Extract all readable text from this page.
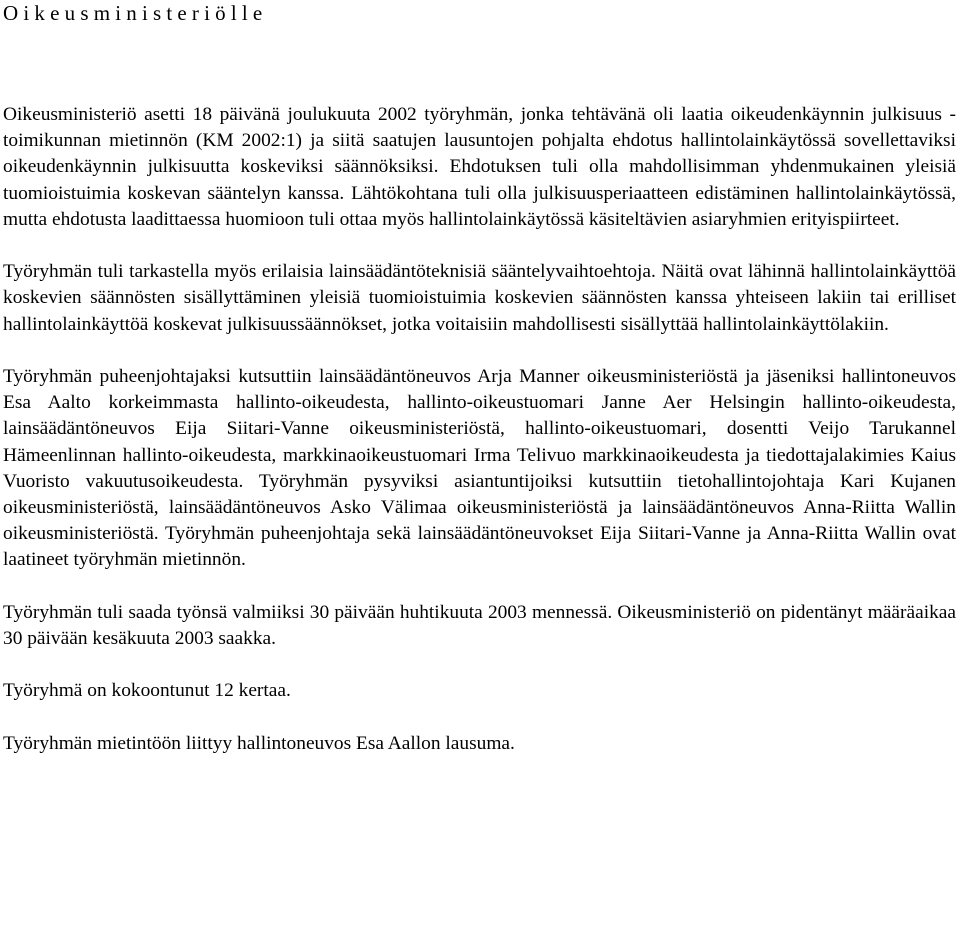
Oikeusministeriölle

Oikeusministeriö asetti 18 päivänä joulukuuta 2002 työryhmän, jonka tehtävänä oli laatia oikeudenkäynnin julkisuus -toimikunnan mietinnön (KM 2002:1) ja siitä saatujen lausuntojen pohjalta ehdotus hallintolainkäytössä sovellettaviksi oikeudenkäynnin julkisuutta koskeviksi säännöksiksi. Ehdotuksen tuli olla mahdollisimman yhdenmukainen yleisiä tuomioistuimia koskevan sääntelyn kanssa. Lähtökohtana tuli olla julkisuusperiaatteen edistäminen hallintolainkäytössä, mutta ehdotusta laadittaessa huomioon tuli ottaa myös hallintolainkäytössä käsiteltävien asiaryhmien erityispiirteet.

Työryhmän tuli tarkastella myös erilaisia lainsäädäntöteknisiä sääntelyvaihtoehtoja. Näitä ovat lähinnä hallintolainkäyttöä koskevien säännösten sisällyttäminen yleisiä tuomioistuimia koskevien säännösten kanssa yhteiseen lakiin tai erilliset hallintolainkäyttöä koskevat julkisuussäännökset, jotka voitaisiin mahdollisesti sisällyttää hallintolainkäyttölakiin.

Työryhmän puheenjohtajaksi kutsuttiin lainsäädäntöneuvos Arja Manner oikeusministeriöstä ja jäseniksi hallintoneuvos Esa Aalto korkeimmasta hallinto-oikeudesta, hallinto-oikeustuomari Janne Aer Helsingin hallinto-oikeudesta, lainsäädäntöneuvos Eija Siitari-Vanne oikeusministeriöstä, hallinto-oikeustuomari, dosentti Veijo Tarukannel Hämeenlinnan hallinto-oikeudesta, markkinaoikeustuomari Irma Telivuo markkinaoikeudesta ja tiedottajalakimies Kaius Vuoristo vakuutusoikeudesta. Työryhmän pysyviksi asiantuntijoiksi kutsuttiin tietohallintojohtaja Kari Kujanen oikeusministeriöstä, lainsäädäntöneuvos Asko Välimaa oikeusministeriöstä ja lainsäädäntöneuvos Anna-Riitta Wallin oikeusministeriöstä. Työryhmän puheenjohtaja sekä lainsäädäntöneuvokset Eija Siitari-Vanne ja Anna-Riitta Wallin ovat laatineet työryhmän mietinnön.

Työryhmän tuli saada työnsä valmiiksi 30 päivään huhtikuuta 2003 mennessä. Oikeusministeriö on pidentänyt määräaikaa 30 päivään kesäkuuta 2003 saakka.

Työryhmä on kokoontunut 12 kertaa.

Työryhmän mietintöön liittyy hallintoneuvos Esa Aallon lausuma.
